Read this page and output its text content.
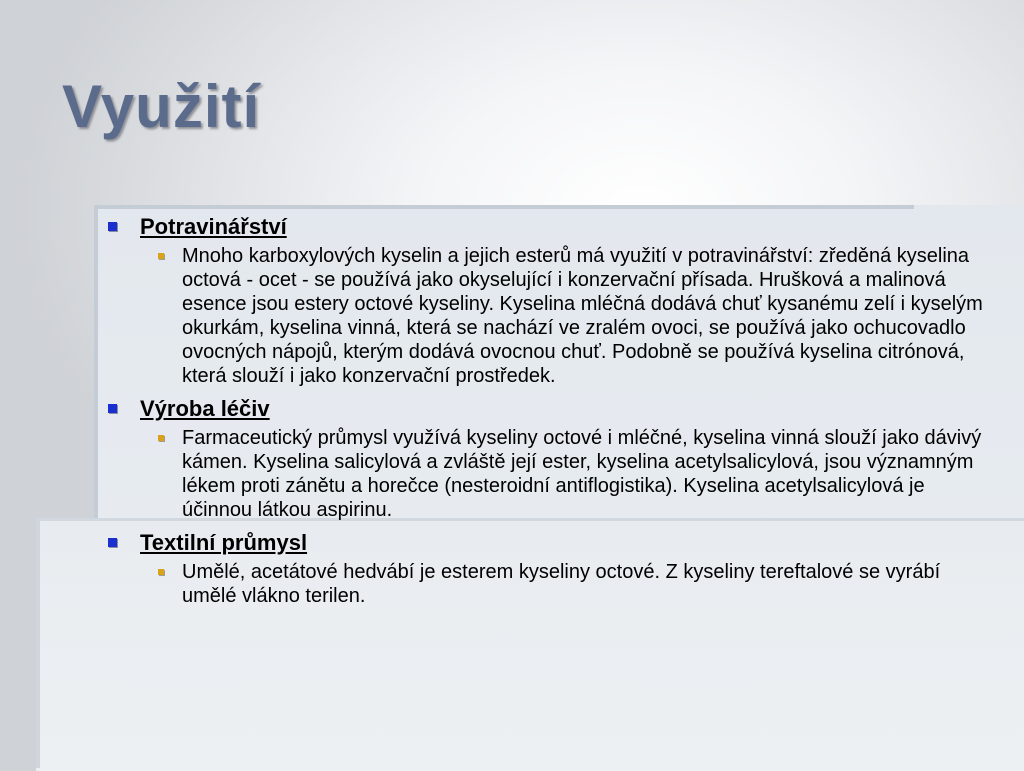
Využití
Potravinářství
Mnoho karboxylových kyselin a jejich esterů má využití v potravinářství: zředěná kyselina octová - ocet - se používá jako okyselující i konzervační přísada. Hrušková a malinová esence jsou estery octové kyseliny. Kyselina mléčná dodává chuť kysanému zelí i kyselým okurkám, kyselina vinná, která se nachází ve zralém ovoci, se používá jako ochucovadlo ovocných nápojů, kterým dodává ovocnou chuť. Podobně se používá kyselina citrónová, která slouží i jako konzervační prostředek.
Výroba léčiv
Farmaceutický průmysl využívá kyseliny octové i mléčné, kyselina vinná slouží jako dávivý kámen. Kyselina salicylová a zvláště její ester, kyselina acetylsalicylová, jsou významným lékem proti zánětu a horečce (nesteroidní antiflogistika). Kyselina acetylsalicylová je účinnou látkou aspirinu.
Textilní průmysl
Umělé, acetátové hedvábí je esterem kyseliny octové. Z kyseliny tereftalové se vyrábí umělé vlákno terilen.
